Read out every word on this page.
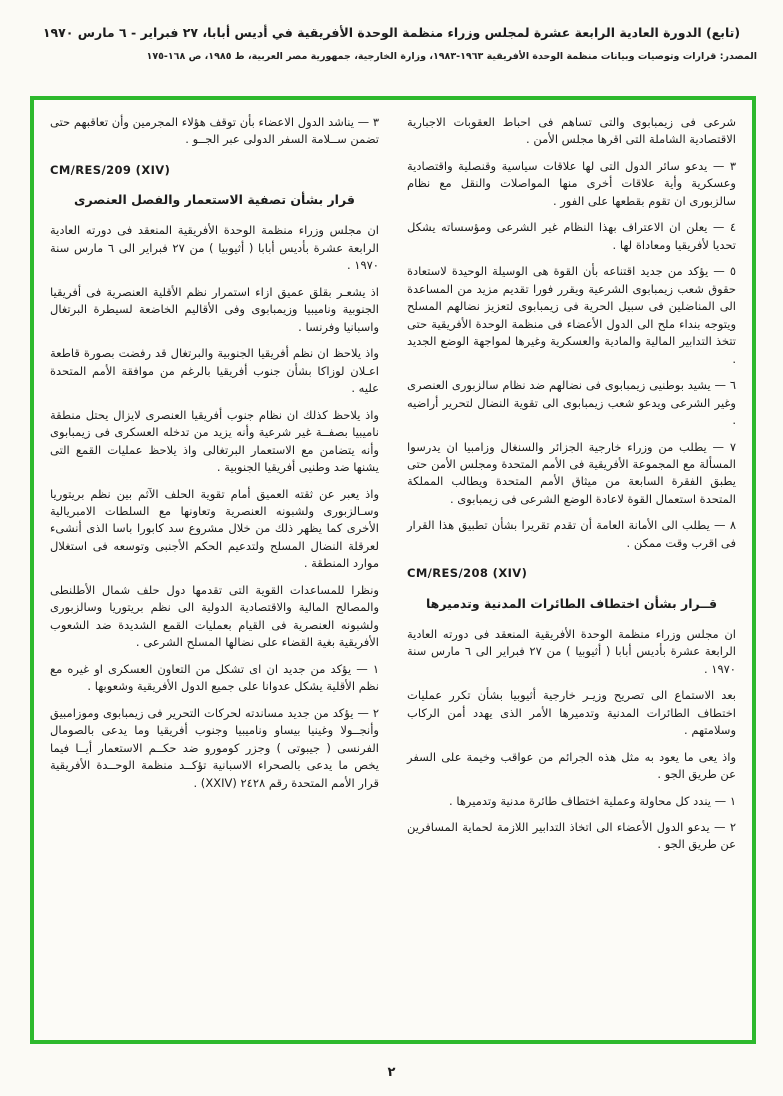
(تابع) الدورة العادية الرابعة عشرة لمجلس وزراء منظمة الوحدة الأفريقية في أديس أبابا، ٢٧ فبراير - ٦ مارس ١٩٧٠
المصدر: قرارات وتوصيات وبيانات منظمة الوحدة الأفريقية ١٩٦٣-١٩٨٣، وزارة الخارجية، جمهورية مصر العربية، ط ١٩٨٥، ص ١٦٨-١٧٥

شرعى فى زيمبابوى والتى تساهم فى احباط العقوبات الاجبارية الاقتصادية الشاملة التى اقرها مجلس الأمن .

٣ — يدعو سائر الدول التى لها علاقات سياسية وقنصلية واقتصادية وعسكرية وأية علاقات أخرى منها المواصلات والنقل مع نظام سالزبورى ان تقوم بقطعها على الفور .

٤ — يعلن ان الاعتراف بهذا النظام غير الشرعى ومؤسساته يشكل تحديا لأفريقيا ومعاداة لها .

٥ — يؤكد من جديد اقتناعه بأن القوة هى الوسيلة الوحيدة لاستعادة حقوق شعب زيمبابوى الشرعية ويقرر فورا تقديم مزيد من المساعدة الى المناضلين فى سبيل الحرية فى زيمبابوى لتعزيز نضالهم المسلح ويتوجه بنداء ملح الى الدول الأعضاء فى منظمة الوحدة الأفريقية حتى تتخذ التدابير المالية والمادية والعسكرية وغيرها لمواجهة الوضع الجديد .

٦ — يشيد بوطنيى زيمبابوى فى نضالهم ضد نظام سالزبورى العنصرى وغير الشرعى ويدعو شعب زيمبابوى الى تقوية النضال لتحرير أراضيه .

٧ — يطلب من وزراء خارجية الجزائر والسنغال وزامبيا ان يدرسوا المسألة مع المجموعة الأفريقية فى الأمم المتحدة ومجلس الأمن حتى يطبق الفقرة السابعة من ميثاق الأمم المتحدة ويطالب المملكة المتحدة استعمال القوة لاعادة الوضع الشرعى فى زيمبابوى .

٨ — يطلب الى الأمانة العامة أن تقدم تقريرا بشأن تطبيق هذا القرار فى اقرب وقت ممكن .

CM/RES/208 (XIV)
قــرار بشأن اختطاف الطائرات المدنية وتدميرها

ان مجلس وزراء منظمة الوحدة الأفريقية المنعقد فى دورته العادية الرابعة عشرة بأديس أبابا ( أثيوبيا ) من ٢٧ فبراير الى ٦ مارس سنة ١٩٧٠ .

بعد الاستماع الى تصريح وزيـر خارجية أثيوبيا بشأن تكرر عمليات اختطاف الطائرات المدنية وتدميرها الأمر الذى يهدد أمن الركاب وسلامتهم .

واذ يعى ما يعود به مثل هذه الجرائم من عواقب وخيمة على السفر عن طريق الجو .

١ — يندد كل محاولة وعملية اختطاف طائرة مدنية وتدميرها .

٢ — يدعو الدول الأعضاء الى اتخاذ التدابير اللازمة لحماية المسافرين عن طريق الجو .

٣ — يناشد الدول الاعضاء بأن توقف هؤلاء المجرمين وأن تعاقبهم حتى تضمن ســلامة السفر الدولى عبر الجــو .

CM/RES/209 (XIV)
قرار بشأن تصفية الاستعمار والفصل العنصرى

ان مجلس وزراء منظمة الوحدة الأفريقية المنعقد فى دورته العادية الرابعة عشرة بأديس أبابا ( أثيوبيا ) من ٢٧ فبراير الى ٦ مارس سنة ١٩٧٠ .

اذ يشعـر بقلق عميق ازاء استمرار نظم الأقلية العنصرية فى أفريقيا الجنوبية وناميبيا وزيمبابوى وفى الأقاليم الخاضعة لسيطرة البرتغال واسبانيا وفرنسا .

واذ يلاحظ ان نظم أفريقيا الجنوبية والبرتغال قد رفضت بصورة قاطعة اعـلان لوزاكا بشأن جنوب أفريقيا بالرغم من موافقة الأمم المتحدة عليه .

واذ يلاحظ كذلك ان نظام جنوب أفريقيا العنصرى لايزال يحتل منطقة ناميبيا بصفــة غير شرعية وأنه يزيد من تدخله العسكرى فى زيمبابوى وأنه يتضامن مع الاستعمار البرتغالى واذ يلاحظ عمليات القمع التى يشنها ضد وطنيى أفريقيا الجنوبية .

واذ يعبر عن ثقته العميق أمام تقوية الحلف الآثم بين نظم بريتوريا وسـالزبورى ولشبونه العنصرية وتعاونها مع السلطات الامبريالية الأخرى كما يظهر ذلك من خلال مشروع سد كابورا باسا الذى أنشىء لعرقلة النضال المسلح ولتدعيم الحكم الأجنبى وتوسعه فى استغلال موارد المنطقة .

ونظرا للمساعدات القوية التى تقدمها دول حلف شمال الأطلنطى والمصالح المالية والاقتصادية الدولية الى نظم بريتوريا وسالزبورى ولشبونه العنصرية فى القيام بعمليات القمع الشديدة ضد الشعوب الأفريقية بغية القضاء على نضالها المسلح الشرعى .

١ — يؤكد من جديد ان اى تشكل من التعاون العسكرى او غيره مع نظم الأقلية يشكل عدوانا على جميع الدول الأفريقية وشعوبها .

٢ — يؤكد من جديد مساندته لحركات التحرير فى زيمبابوى وموزامبيق وأنجــولا وغينيا بيساو وناميبيا وجنوب أفريقيا وما يدعى بالصومال الفرنسى ( جيبوتى ) وجزر كومورو ضد حكــم الاستعمار أيــا فيما يخص ما يدعى بالصحراء الاسبانية تؤكــد منظمة الوحــدة الأفريقية قرار الأمم المتحدة رقم ٢٤٢٨ (XXIV) .

٢
